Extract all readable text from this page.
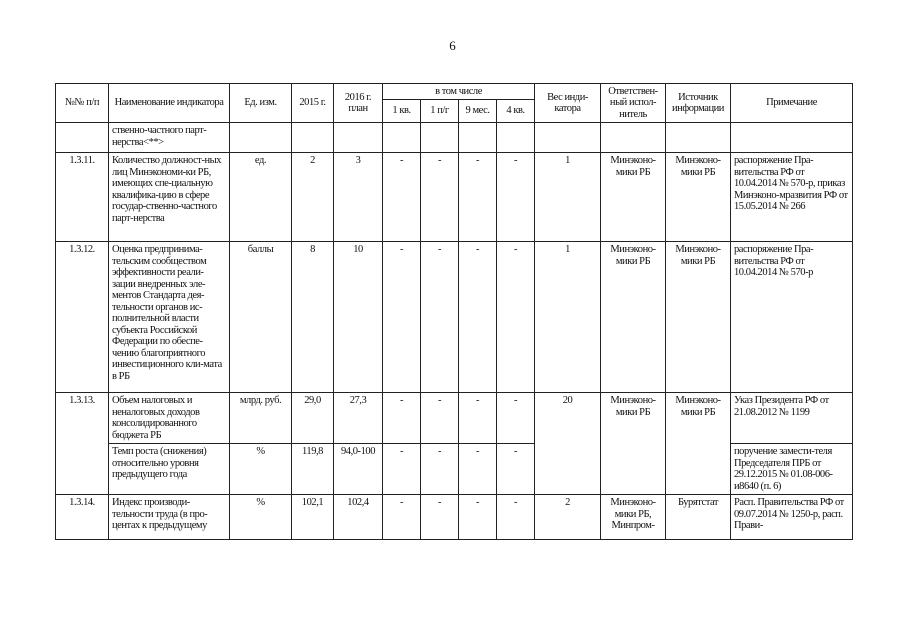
6
№№ п/п	Наименование индикатора	Ед. изм.	2015 г.	2016 г. план	в том числе				Вес инди-катора	Ответствен-ный испол-нитель	Источник информации	Примечание
					1 кв.	1 п/г	9 мес.	4 кв.				
	ственно-частного парт-нерства<**>											
1.3.11.	Количество должност-ных лиц Минэкономи-ки РБ, имеющих спе-циальную квалифика-цию в сфере государ-ственно-частного парт-нерства	ед.	2	3	-	-	-	-	1	Минэконо-мики РБ	Минэконо-мики РБ	распоряжение Пра-вительства РФ от 10.04.2014 № 570-р, приказ Минэконо-мразвития РФ от 15.05.2014 № 266
1.3.12.	Оценка предпринима-тельским сообществом эффективности реали-зации внедренных эле-ментов Стандарта дея-тельности органов ис-полнительной власти субъекта Российской Федерации по обеспе-чению благоприятного инвестиционного кли-мата в РБ	баллы	8	10	-	-	-	-	1	Минэконо-мики РБ	Минэконо-мики РБ	распоряжение Пра-вительства РФ от 10.04.2014 № 570-р
1.3.13.	Объем налоговых и неналоговых доходов консолидированного бюджета РБ	млрд. руб.	29,0	27,3	-	-	-	-	20	Минэконо-мики РБ	Минэконо-мики РБ	Указ Президента РФ от 21.08.2012 № 1199
	Темп роста (снижения) относительно уровня предыдущего года	%	119,8	94,0-100	-	-	-	-				поручение замести-теля Председателя ПРБ от 29.12.2015 № 01.08-006-и8640 (п. 6)
1.3.14.	Индекс производи-тельности труда (в про-центах к предыдущему	%	102,1	102,4	-	-	-	-	2	Минэконо-мики РБ, Минпром-	Бурятстат	Расп. Правительства РФ от 09.07.2014 № 1250-р, расп. Прави-
